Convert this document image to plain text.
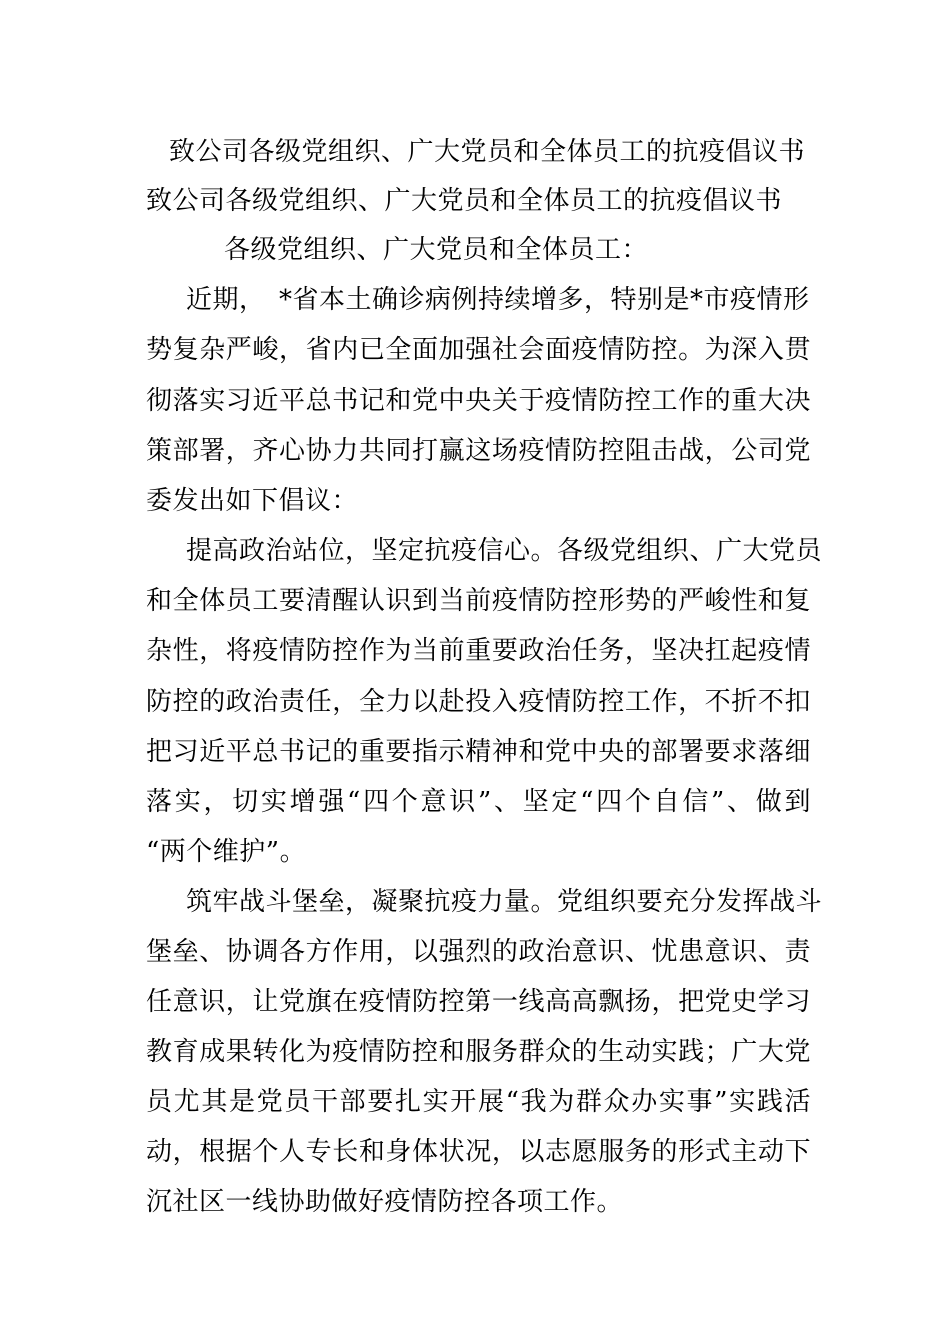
致公司各级党组织、广大党员和全体员工的抗疫倡议书
致公司各级党组织、广大党员和全体员工的抗疫倡议书
各级党组织、广大党员和全体员工：
近期，　*省本土确诊病例持续增多，特别是*市疫情形
势复杂严峻，省内已全面加强社会面疫情防控。为深入贯
彻落实习近平总书记和党中央关于疫情防控工作的重大决
策部署，齐心协力共同打赢这场疫情防控阻击战，公司党
委发出如下倡议：
提高政治站位，坚定抗疫信心。各级党组织、广大党员
和全体员工要清醒认识到当前疫情防控形势的严峻性和复
杂性，将疫情防控作为当前重要政治任务，坚决扛起疫情
防控的政治责任，全力以赴投入疫情防控工作，不折不扣
把习近平总书记的重要指示精神和党中央的部署要求落细
落实，切实增强“四个意识”、坚定“四个自信”、做到
“两个维护”。
筑牢战斗堡垒，凝聚抗疫力量。党组织要充分发挥战斗
堡垒、协调各方作用，以强烈的政治意识、忧患意识、责
任意识，让党旗在疫情防控第一线高高飘扬，把党史学习
教育成果转化为疫情防控和服务群众的生动实践；广大党
员尤其是党员干部要扎实开展“我为群众办实事”实践活
动，根据个人专长和身体状况，以志愿服务的形式主动下
沉社区一线协助做好疫情防控各项工作。
